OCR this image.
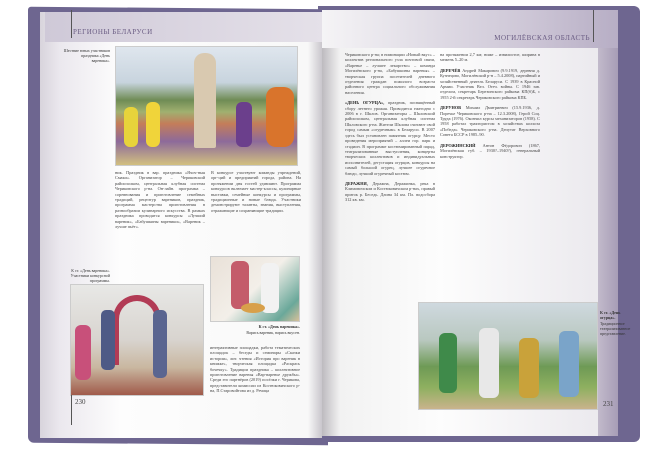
РЕГИОНЫ БЕЛАРУСИ
Шествие юных участников праздника «День вареника».
ник. Праздник в вар. праздника «Ячоч-ныя Смаки». Организатор – Чериковский райисполком, центральная клубная система Чериковского р-на. Он-лайн. программа – соревнования и приготовление семейных традиций, рецептур вареников, праздник, программа мастерства приготовления в разнообразии кулинарного искусства. В рамках праздника проводятся конкурсы «Лучший вареник», «Бабушкины вареники», «Вареник – лучше пьёт».
В конкурсе участвуют команды учреждений, орг-ций и предприятий города, района. На протяжении дня гостей удивляют. Программа конкурсов включает мастер-классы, кулинарные выставки, семейные конкурсы и программы, традиционные и новые блюда. Участники демонстрируют таланты, знания, выступления, отражающие и сохраняющие традиции.
К ст. «День вареника». Участники конкурсной программы.
К ст. «День вареника».
Варись вареник, варись вкусен.
интерактивные площадки, работа тематических площадок – беседы и семинары «Сказки истории», лит. чтения «История про вареник в книжке», творческая площадка «Раскрась бочечку». Традиции праздника – коллективное приготовление варенья «Вар-варенье дружбы». Среди его партнёров (2019) посёлки г. Черикова, представители комиссии из Костюковичского р-на, П.Старовойтова из д. Речица
230
МОГИЛЁВСКАЯ ОБЛАСТЬ
Чериковского р-на; в номинации «Новый вкус» – коллектив регионального узла почтовой связи, «Варенье – лучшее лекарство» – команда Могилёвского р-на, «Бабушкины варенья» – творческая группа посетителей дневного отделения граждан пожилого возраста районного центра социального обслуживания населения.
«ДЕНЬ ОГУРЦА», праздник, посвящённый сбору летнего урожая. Проводится ежегодно с 2006 в г. Шклов. Организаторы – Шкловский райисполком, центральная клубная система Шкловского р-на. Жители Шклова считают свой город самым «огуречным» в Беларуси. В 2007 здесь был установлен памятник огурцу. Место проведения мероприятий – аллеи гор. парк и стадион. В программе костюмированный парад, театрализованные выступления, концерты творческих коллективов и индивидуальных исполнителей, дегустация огурцов, конкурсы на самый большой огурец, лучшее огуречное блюдо, лучший огуречный костюм.
ДЕРАЖНЯ, Деражна, Деражинка, река в Климовичском и Костюковичском р-нах, правый приток р. Беседь. Длина 34 км. Пл. водосбора 312 кв. км.
на протяжении 2,7 км; ниже – извилистое, ширина в межень 5–20 м.
ДЕРЕЧЁВ Андрей Макарович (9.9.1919, деревня д. Кузнецово, Могилёвский р-н – 5.4.2008), партийный и хозяйственный деятель Беларуси. С 1939 в Красной Армии. Участник Вел. Отеч. войны. С 1946 зав. отделом, секретарь Березинского райкома КП(б)Б, с 1955 2-й секретарь Чериковского райкома КПБ.
ДЕРУНОВ Михаил Дмитриевич (15.9.1936, д. Поречье Чериковского р-на – 12.3.2008), Герой Соц. Труда (1976). Окончил курсы механизаторов (1958). С 1958 работал трактористом в хозяйствах колхоза «Победа» Чериковского р-на. Депутат Верховного Совета БССР в 1985–90.
ДЕРОЖИНСКИЙ Антон Фёдорович (1867, Могилёвская губ. – 1930?–1940?), генеральный конструктор.
К ст. «День огурца».
Традиционное театрализованное представление.
231
